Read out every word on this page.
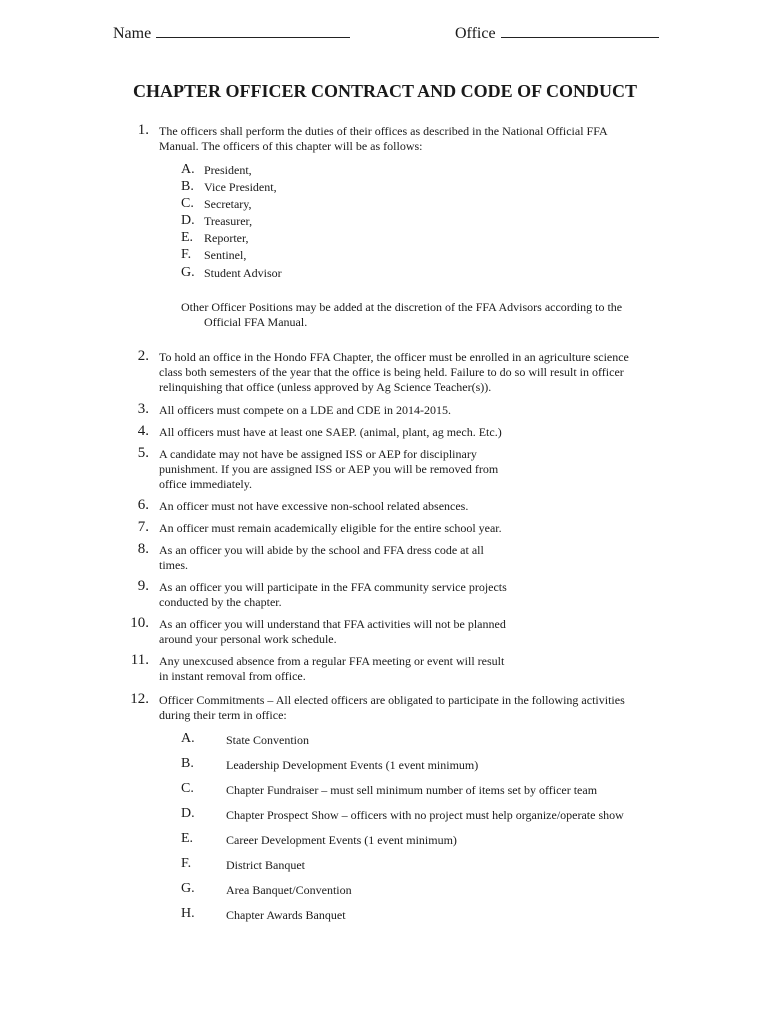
Name	Office
CHAPTER OFFICER CONTRACT AND CODE OF CONDUCT
1. The officers shall perform the duties of their offices as described in the National Official FFA
Manual. The officers of this chapter will be as follows:
A. President,
B. Vice President,
C. Secretary,
D. Treasurer,
E. Reporter,
F. Sentinel,
G. Student Advisor
Other Officer Positions may be added at the discretion of the FFA Advisors according to the
Official FFA Manual.
2. To hold an office in the Hondo FFA Chapter, the officer must be enrolled in an agriculture science
class both semesters of the year that the office is being held. Failure to do so will result in officer
relinquishing that office (unless approved by Ag Science Teacher(s)).
3. All officers must compete on a LDE and CDE in 2014-2015.
4. All officers must have at least one SAEP. (animal, plant, ag mech. Etc.)
5. A candidate may not have be assigned ISS or AEP for disciplinary
punishment. If you are assigned ISS or AEP you will be removed from
office immediately.
6. An officer must not have excessive non-school related absences.
7. An officer must remain academically eligible for the entire school year.
8. As an officer you will abide by the school and FFA dress code at all
times.
9. As an officer you will participate in the FFA community service projects
conducted by the chapter.
10. As an officer you will understand that FFA activities will not be planned
around your personal work schedule.
11. Any unexcused absence from a regular FFA meeting or event will result
in instant removal from office.
12. Officer Commitments – All elected officers are obligated to participate in the following activities
during their term in office:
A.	State Convention
B.	Leadership Development Events (1 event minimum)
C.	Chapter Fundraiser – must sell minimum number of items set by officer team
D.	Chapter Prospect Show – officers with no project must help organize/operate show
E.	Career Development Events (1 event minimum)
F.	District Banquet
G.	Area Banquet/Convention
H.	Chapter Awards Banquet
